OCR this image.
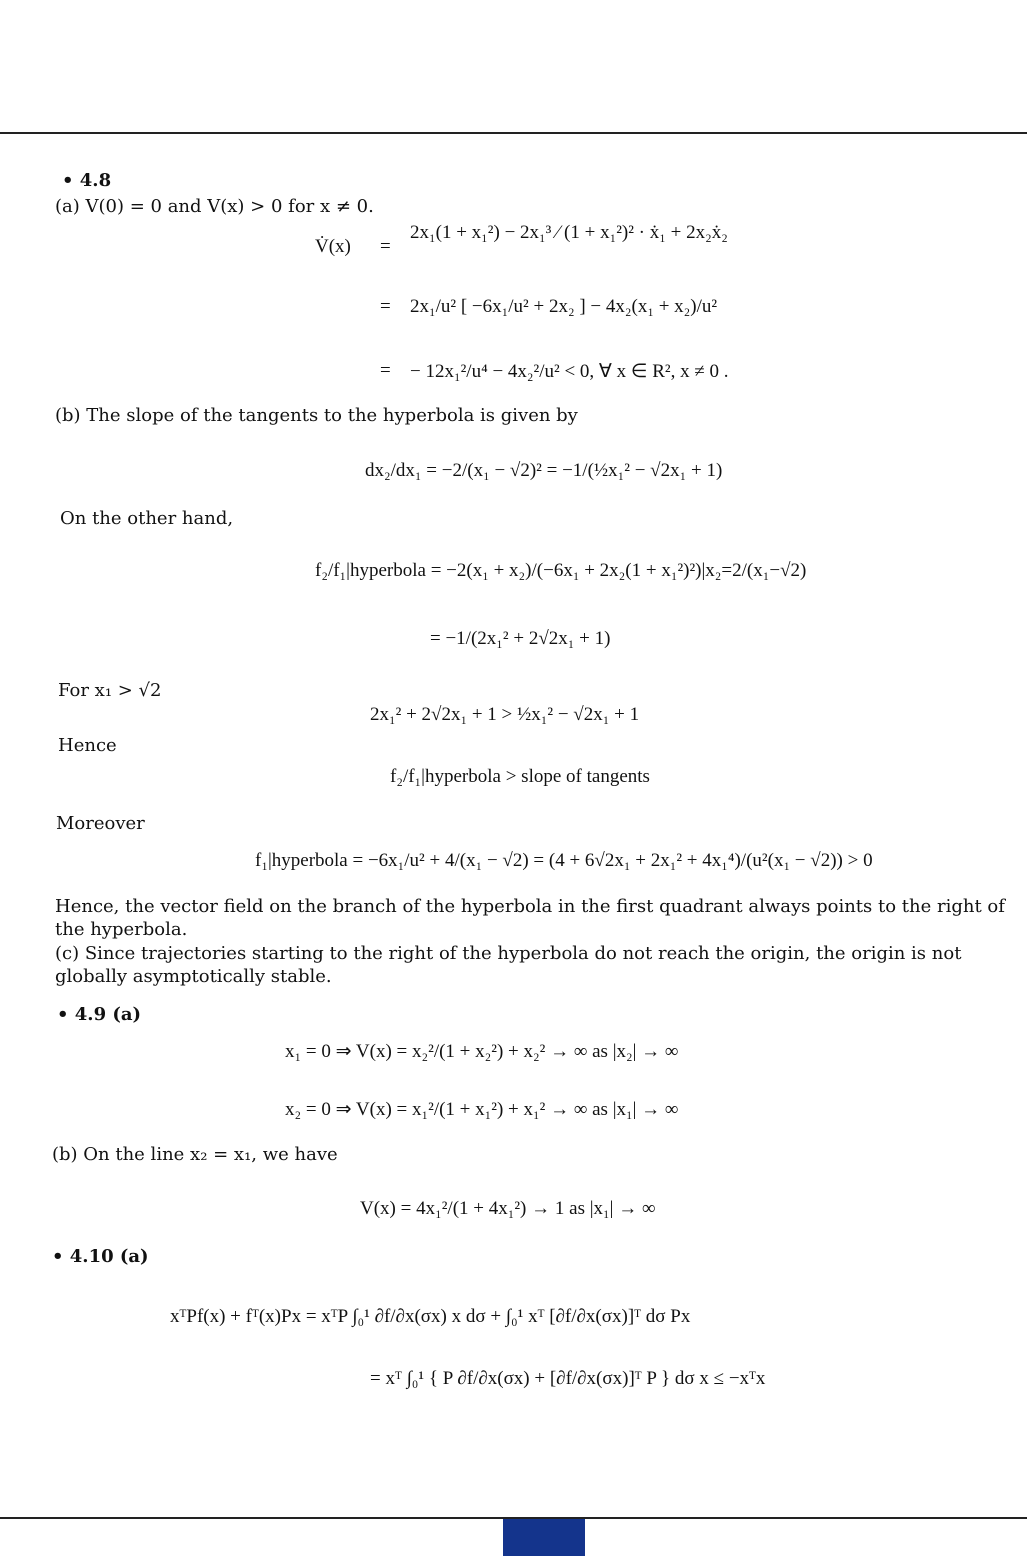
• 4.8
(a) V(0) = 0 and V(x) > 0 for x ≠ 0.
V̇(x) =
2x₁(1 + x₁²) − 2x₁³ ⁄ (1 + x₁²)² · ẋ₁ + 2x₂ẋ₂
= 2x₁/u² [ −6x₁/u² + 2x₂ ] − 4x₂(x₁ + x₂)/u²
= − 12x₁²/u⁴ − 4x₂²/u² < 0, ∀ x ∈ R², x ≠ 0 .
(b) The slope of the tangents to the hyperbola is given by
dx₂/dx₁ = −2/(x₁ − √2)² = −1/(½x₁² − √2x₁ + 1)
On the other hand,
f₂/f₁|hyperbola = −2(x₁ + x₂)/(−6x₁ + 2x₂(1 + x₁²)²)|x₂=2/(x₁−√2)
= −1/(2x₁² + 2√2x₁ + 1)
For x₁ > √2
2x₁² + 2√2x₁ + 1 > ½x₁² − √2x₁ + 1
Hence
f₂/f₁|hyperbola > slope of tangents
Moreover
f₁|hyperbola = −6x₁/u² + 4/(x₁ − √2) = (4 + 6√2x₁ + 2x₁² + 4x₁⁴)/(u²(x₁ − √2)) > 0
Hence, the vector field on the branch of the hyperbola in the first quadrant always points to the right of the hyperbola.
(c) Since trajectories starting to the right of the hyperbola do not reach the origin, the origin is not globally asymptotically stable.
• 4.9 (a)
x₁ = 0 ⇒ V(x) = x₂²/(1 + x₂²) + x₂² → ∞ as |x₂| → ∞
x₂ = 0 ⇒ V(x) = x₁²/(1 + x₁²) + x₁² → ∞ as |x₁| → ∞
(b) On the line x₂ = x₁, we have
V(x) = 4x₁²/(1 + 4x₁²) → 1 as |x₁| → ∞
• 4.10 (a)
xᵀPf(x) + fᵀ(x)Px = xᵀP ∫₀¹ ∂f/∂x(σx) x dσ + ∫₀¹ xᵀ [∂f/∂x(σx)]ᵀ dσ Px
= xᵀ ∫₀¹ { P ∂f/∂x(σx) + [∂f/∂x(σx)]ᵀ P } dσ x ≤ −xᵀx
